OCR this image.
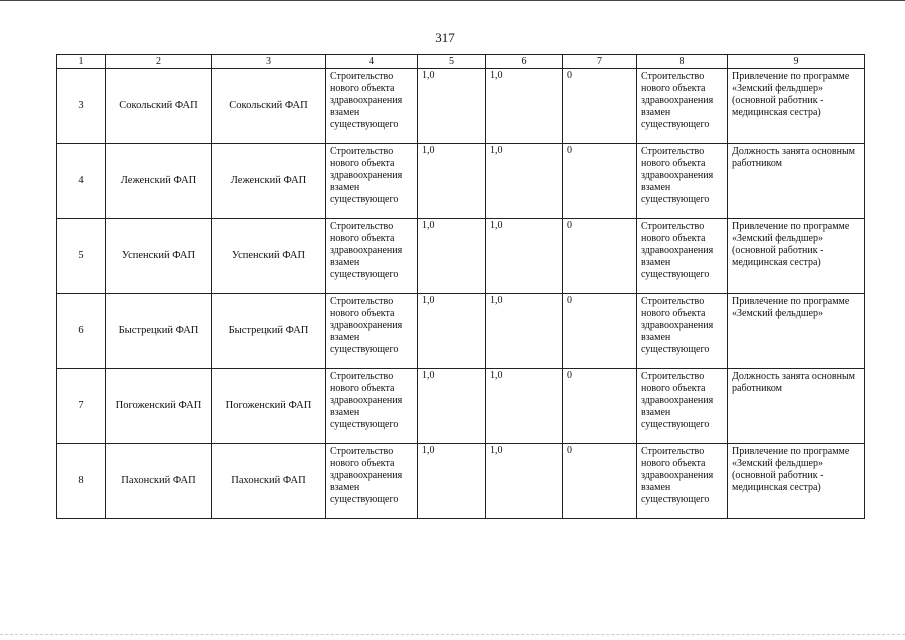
317
1	2	3	4	5	6	7	8	9
3	Сокольский ФАП	Сокольский ФАП	Строительство нового объекта здравоохранения взамен существующего	1,0	1,0	0	Строительство нового объекта здравоохранения взамен существующего	Привлечение по программе «Земский фельдшер» (основной работник - медицинская сестра)
4	Леженский ФАП	Леженский ФАП	Строительство нового объекта здравоохранения взамен существующего	1,0	1,0	0	Строительство нового объекта здравоохранения взамен существующего	Должность занята основным работником
5	Успенский ФАП	Успенский ФАП	Строительство нового объекта здравоохранения взамен существующего	1,0	1,0	0	Строительство нового объекта здравоохранения взамен существующего	Привлечение по программе «Земский фельдшер» (основной работник - медицинская сестра)
6	Быстрецкий ФАП	Быстрецкий ФАП	Строительство нового объекта здравоохранения взамен существующего	1,0	1,0	0	Строительство нового объекта здравоохранения взамен существующего	Привлечение по программе «Земский фельдшер»
7	Погоженский ФАП	Погоженский ФАП	Строительство нового объекта здравоохранения взамен существующего	1,0	1,0	0	Строительство нового объекта здравоохранения взамен существующего	Должность занята основным работником
8	Пахонский ФАП	Пахонский ФАП	Строительство нового объекта здравоохранения взамен существующего	1,0	1,0	0	Строительство нового объекта здравоохранения взамен существующего	Привлечение по программе «Земский фельдшер» (основной работник - медицинская сестра)
